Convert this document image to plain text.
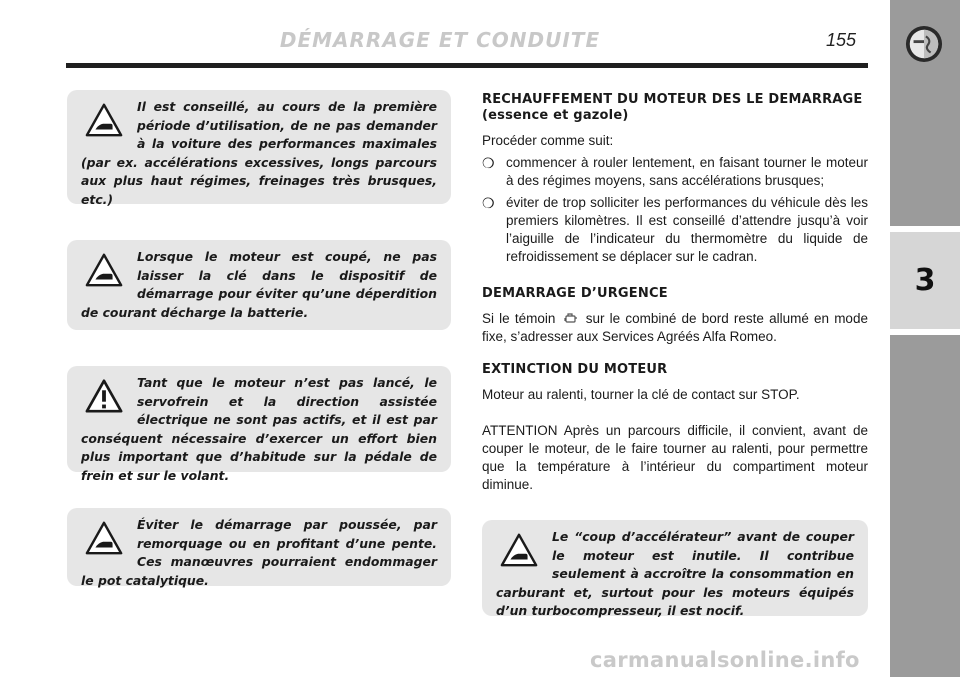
DÉMARRAGE ET CONDUITE	155
3

Il est conseillé, au cours de la première période d’utilisation, de ne pas demander à la voiture des performances maximales (par ex. accélérations excessives, longs parcours aux plus haut régimes, freinages très brusques, etc.)

Lorsque le moteur est coupé, ne pas laisser la clé dans le dispositif de démarrage pour éviter qu’une déperdition de courant décharge la batterie.

Tant que le moteur n’est pas lancé, le servofrein et la direction assistée électrique ne sont pas actifs, et il est par conséquent nécessaire d’exercer un effort bien plus important que d’habitude sur la pédale de frein et sur le volant.

Éviter le démarrage par poussée, par remorquage ou en profitant d’une pente. Ces manœuvres pourraient endommager le pot catalytique.

RECHAUFFEMENT DU MOTEUR DES LE DEMARRAGE (essence et gazole)

Procéder comme suit:

❍ commencer à rouler lentement, en faisant tourner le moteur à des régimes moyens, sans accélérations brusques;
❍ éviter de trop solliciter les performances du véhicule dès les premiers kilomètres. Il est conseillé d’attendre jusqu’à voir l’aiguille de l’indicateur du thermomètre du liquide de refroidissement se déplacer sur le cadran.
DEMARRAGE D’URGENCE

Si le témoin sur le combiné de bord reste allumé en mode fixe, s’adresser aux Services Agréés Alfa Romeo.

EXTINCTION DU MOTEUR

Moteur au ralenti, tourner la clé de contact sur STOP.

ATTENTION Après un parcours difficile, il convient, avant de couper le moteur, de le faire tourner au ralenti, pour permettre que la température à l’intérieur du compartiment moteur diminue.

Le “coup d’accélérateur” avant de couper le moteur est inutile. Il contribue seulement à accroître la consommation en carburant et, surtout pour les moteurs équipés d’un turbocompresseur, il est nocif.

carmanualsonline.info
